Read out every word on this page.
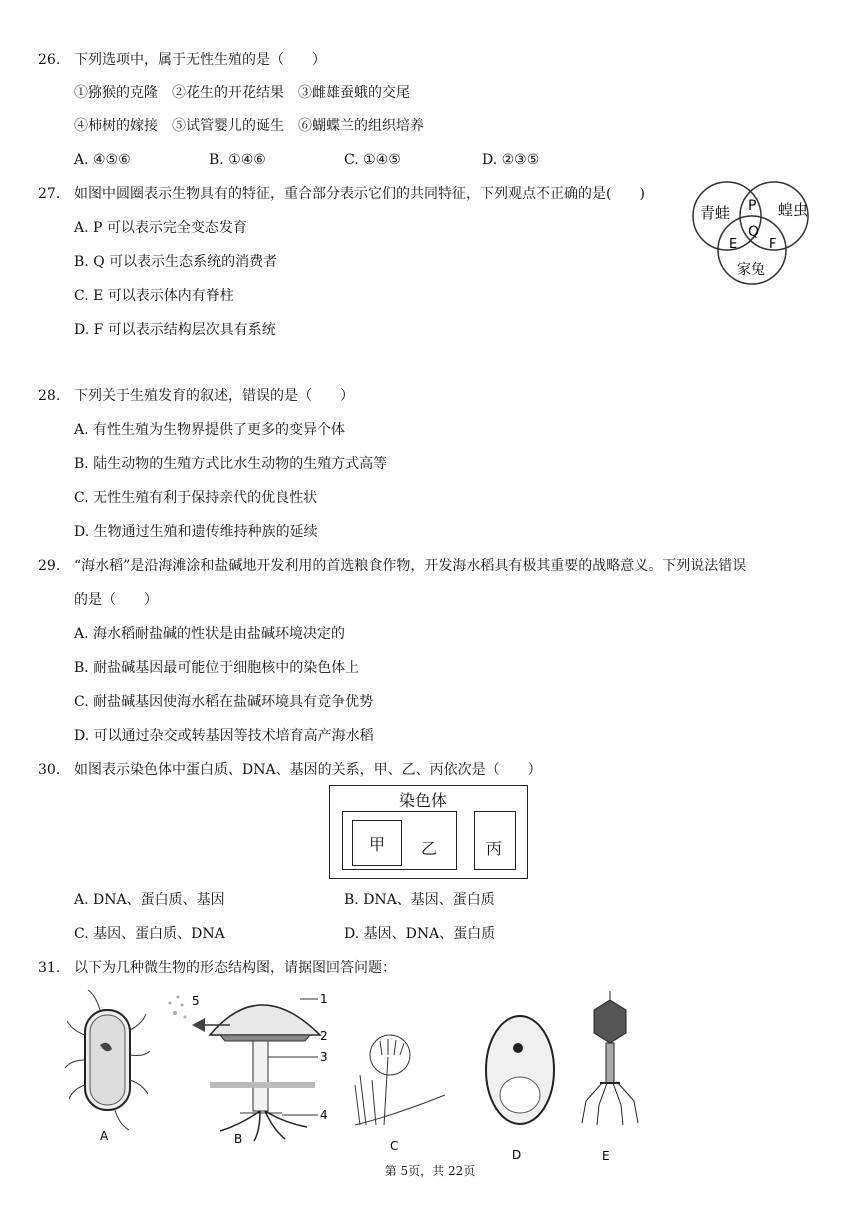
26. 下列选项中，属于无性生殖的是（　　）
①猕猴的克隆　②花生的开花结果　③雌雄蚕蛾的交尾
④柿树的嫁接　⑤试管婴儿的诞生　⑥蝴蝶兰的组织培养
A. ④⑤⑥	B. ①④⑥	C. ①④⑤	D. ②③⑤
27. 如图中圆圈表示生物具有的特征，重合部分表示它们的共同特征，下列观点不正确的是(　　)
A. P 可以表示完全变态发育
B. Q 可以表示生态系统的消费者
C. E 可以表示体内有脊柱
D. F 可以表示结构层次具有系统
青蛙	蝗虫
家兔
P
Q
E F
28. 下列关于生殖发育的叙述，错误的是（　　）
A. 有性生殖为生物界提供了更多的变异个体
B. 陆生动物的生殖方式比水生动物的生殖方式高等
C. 无性生殖有利于保持亲代的优良性状
D. 生物通过生殖和遗传维持种族的延续
29. “海水稻”是沿海滩涂和盐碱地开发利用的首选粮食作物，开发海水稻具有极其重要的战略意义。下列说法错误
的是（　　）
A. 海水稻耐盐碱的性状是由盐碱环境决定的
B. 耐盐碱基因最可能位于细胞核中的染色体上
C. 耐盐碱基因使海水稻在盐碱环境具有竞争优势
D. 可以通过杂交或转基因等技术培育高产海水稻
30. 如图表示染色体中蛋白质、DNA、基因的关系，甲、乙、丙依次是（　　）
染色体
甲 乙	丙
A. DNA、蛋白质、基因	B. DNA、基因、蛋白质
C. 基因、蛋白质、DNA	D. 基因、DNA、蛋白质
31. 以下为几种微生物的形态结构图，请据图回答问题：
A
1
2
3
4
5
B	C
D	E
第 5页，共 22页
